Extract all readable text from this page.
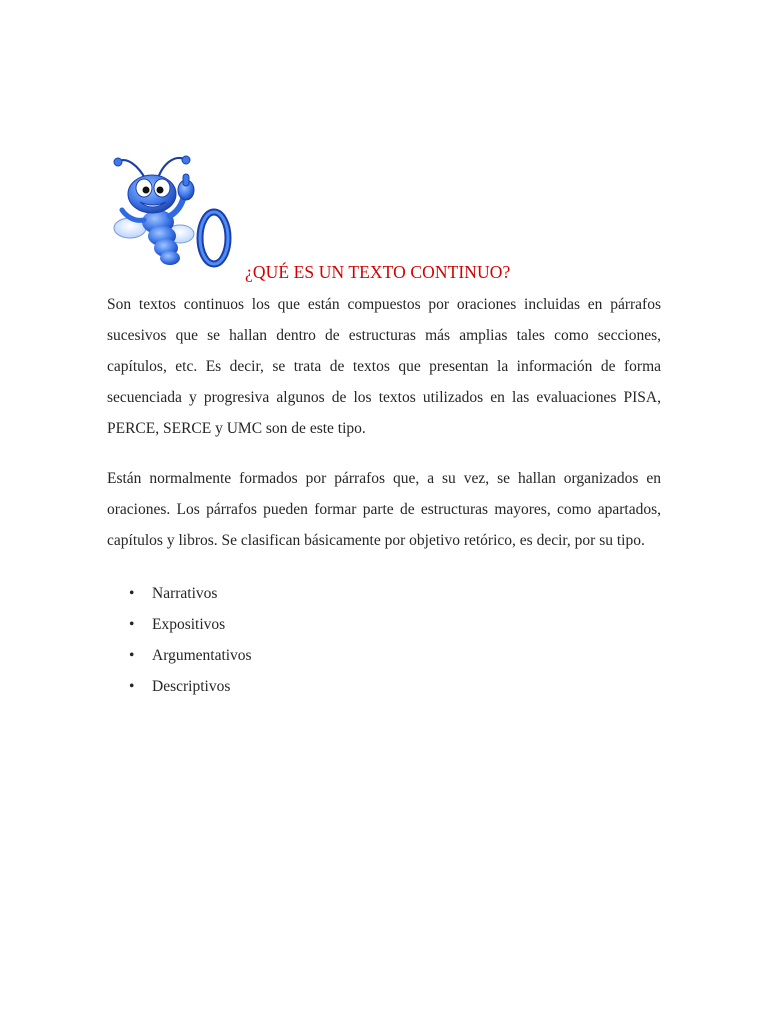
¿QUÉ ES UN TEXTO CONTINUO?
Son textos continuos los que están compuestos por oraciones incluidas en párrafos sucesivos que se hallan dentro de estructuras más amplias tales como secciones, capítulos, etc. Es decir, se trata de textos que presentan la información de forma secuenciada y progresiva algunos de los textos utilizados en las evaluaciones PISA, PERCE, SERCE y UMC son de este tipo.
Están normalmente formados por párrafos que, a su vez, se hallan organizados en oraciones. Los párrafos pueden formar parte de estructuras mayores, como apartados, capítulos y libros. Se clasifican básicamente por objetivo retórico, es decir, por su tipo.
• Narrativos
• Expositivos
• Argumentativos
• Descriptivos
